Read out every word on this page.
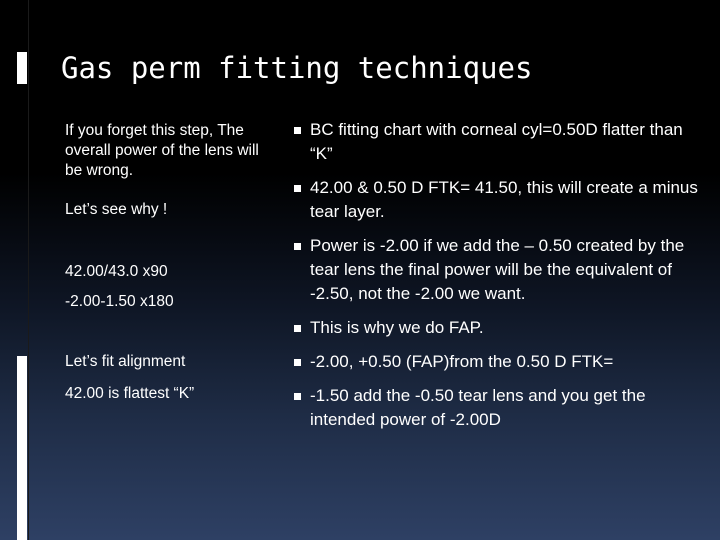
Gas perm fitting techniques

If you forget this step, The overall power of the lens will be wrong.

Let’s see why !

42.00/43.0 x90

-2.00-1.50 x180

Let’s fit alignment

42.00 is flattest “K”

BC fitting chart with corneal cyl=0.50D flatter than “K”
42.00 & 0.50 D FTK= 41.50, this will create a minus tear layer.
Power is -2.00 if we add the – 0.50 created by the tear lens the final power will be the equivalent of -2.50, not the -2.00 we want.
This is why we do FAP.
-2.00, +0.50 (FAP)from the 0.50 D FTK=
-1.50 add the -0.50 tear lens and you get the intended power of -2.00D
